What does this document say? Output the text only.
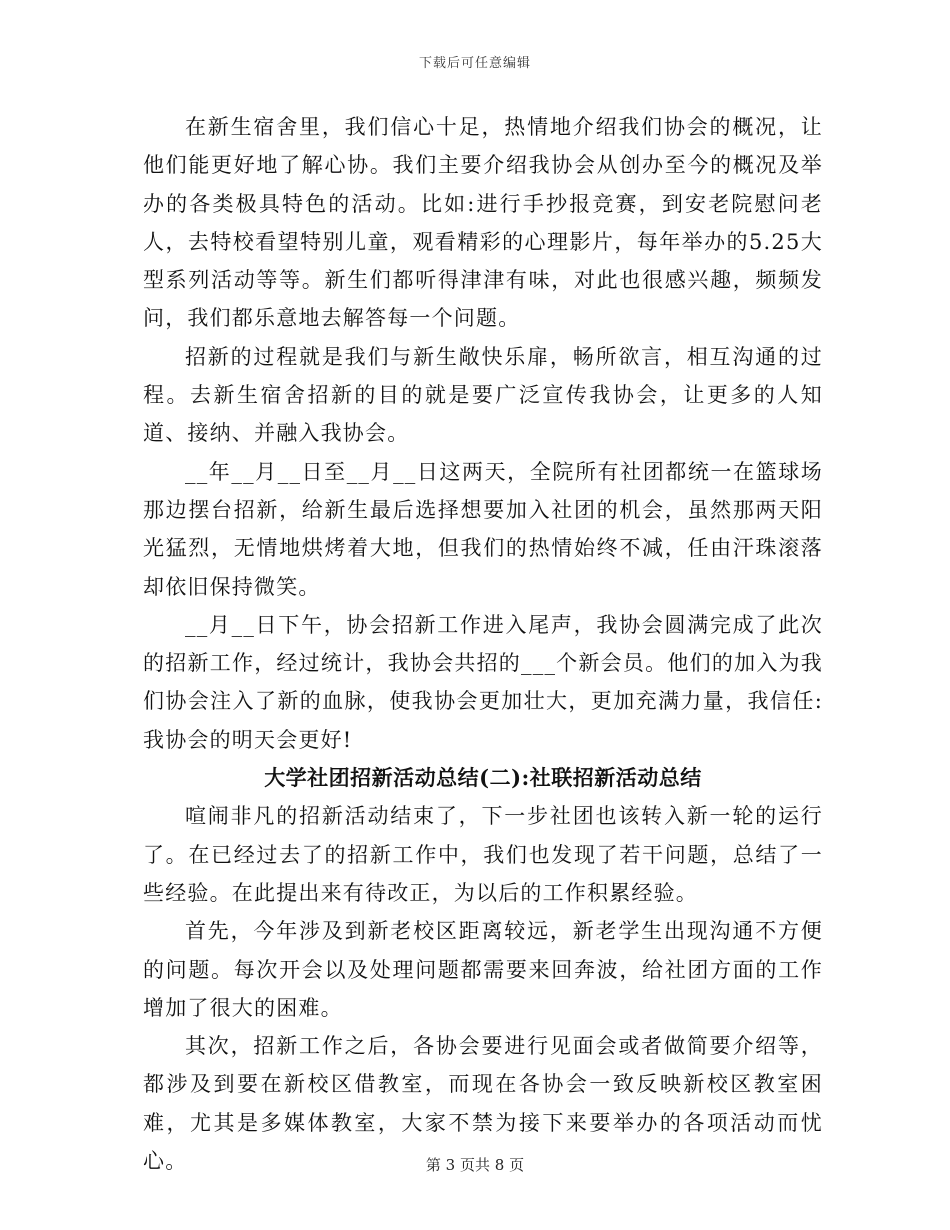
下载后可任意编辑

在新生宿舍里，我们信心十足，热情地介绍我们协会的概况，让他们能更好地了解心协。我们主要介绍我协会从创办至今的概况及举办的各类极具特色的活动。比如:进行手抄报竞赛，到安老院慰问老人，去特校看望特别儿童，观看精彩的心理影片，每年举办的5.25大型系列活动等等。新生们都听得津津有味，对此也很感兴趣，频频发问，我们都乐意地去解答每一个问题。

招新的过程就是我们与新生敞快乐扉，畅所欲言，相互沟通的过程。去新生宿舍招新的目的就是要广泛宣传我协会，让更多的人知道、接纳、并融入我协会。

__年__月__日至__月__日这两天，全院所有社团都统一在篮球场那边摆台招新，给新生最后选择想要加入社团的机会，虽然那两天阳光猛烈，无情地烘烤着大地，但我们的热情始终不减，任由汗珠滚落却依旧保持微笑。

__月__日下午，协会招新工作进入尾声，我协会圆满完成了此次的招新工作，经过统计，我协会共招的___个新会员。他们的加入为我们协会注入了新的血脉，使我协会更加壮大，更加充满力量，我信任:我协会的明天会更好!

大学社团招新活动总结(二):社联招新活动总结

喧闹非凡的招新活动结束了，下一步社团也该转入新一轮的运行了。在已经过去了的招新工作中，我们也发现了若干问题，总结了一些经验。在此提出来有待改正，为以后的工作积累经验。

首先，今年涉及到新老校区距离较远，新老学生出现沟通不方便的问题。每次开会以及处理问题都需要来回奔波，给社团方面的工作增加了很大的困难。

其次，招新工作之后，各协会要进行见面会或者做简要介绍等，都涉及到要在新校区借教室，而现在各协会一致反映新校区教室困难，尤其是多媒体教室，大家不禁为接下来要举办的各项活动而忧心。	第 3 页共 8 页
